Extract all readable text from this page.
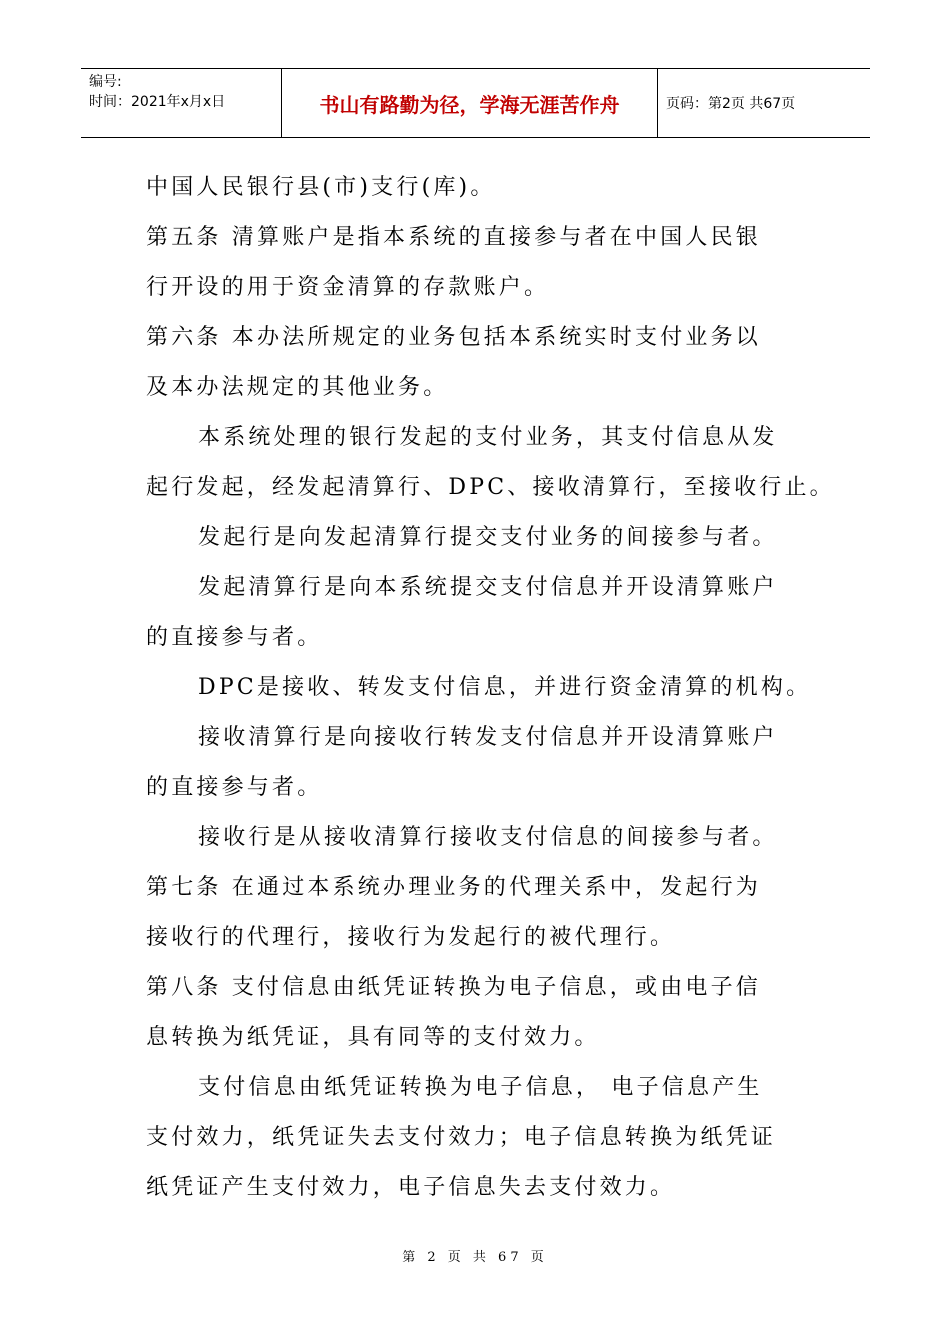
编号:
时间：2021年x月x日	书山有路勤为径，学海无涯苦作舟	页码：第2页 共67页

中国人民银行县(市)支行(库)。

第五条 清算账户是指本系统的直接参与者在中国人民银

行开设的用于资金清算的存款账户。

第六条 本办法所规定的业务包括本系统实时支付业务以

及本办法规定的其他业务。

本系统处理的银行发起的支付业务，其支付信息从发

起行发起，经发起清算行、DPC、接收清算行，至接收行止。

发起行是向发起清算行提交支付业务的间接参与者。

发起清算行是向本系统提交支付信息并开设清算账户

的直接参与者。

DPC是接收、转发支付信息，并进行资金清算的机构。

接收清算行是向接收行转发支付信息并开设清算账户

的直接参与者。

接收行是从接收清算行接收支付信息的间接参与者。

第七条 在通过本系统办理业务的代理关系中，发起行为

接收行的代理行，接收行为发起行的被代理行。

第八条 支付信息由纸凭证转换为电子信息，或由电子信

息转换为纸凭证，具有同等的支付效力。

支付信息由纸凭证转换为电子信息， 电子信息产生

支付效力，纸凭证失去支付效力；电子信息转换为纸凭证

纸凭证产生支付效力，电子信息失去支付效力。

第 2 页 共 67 页
